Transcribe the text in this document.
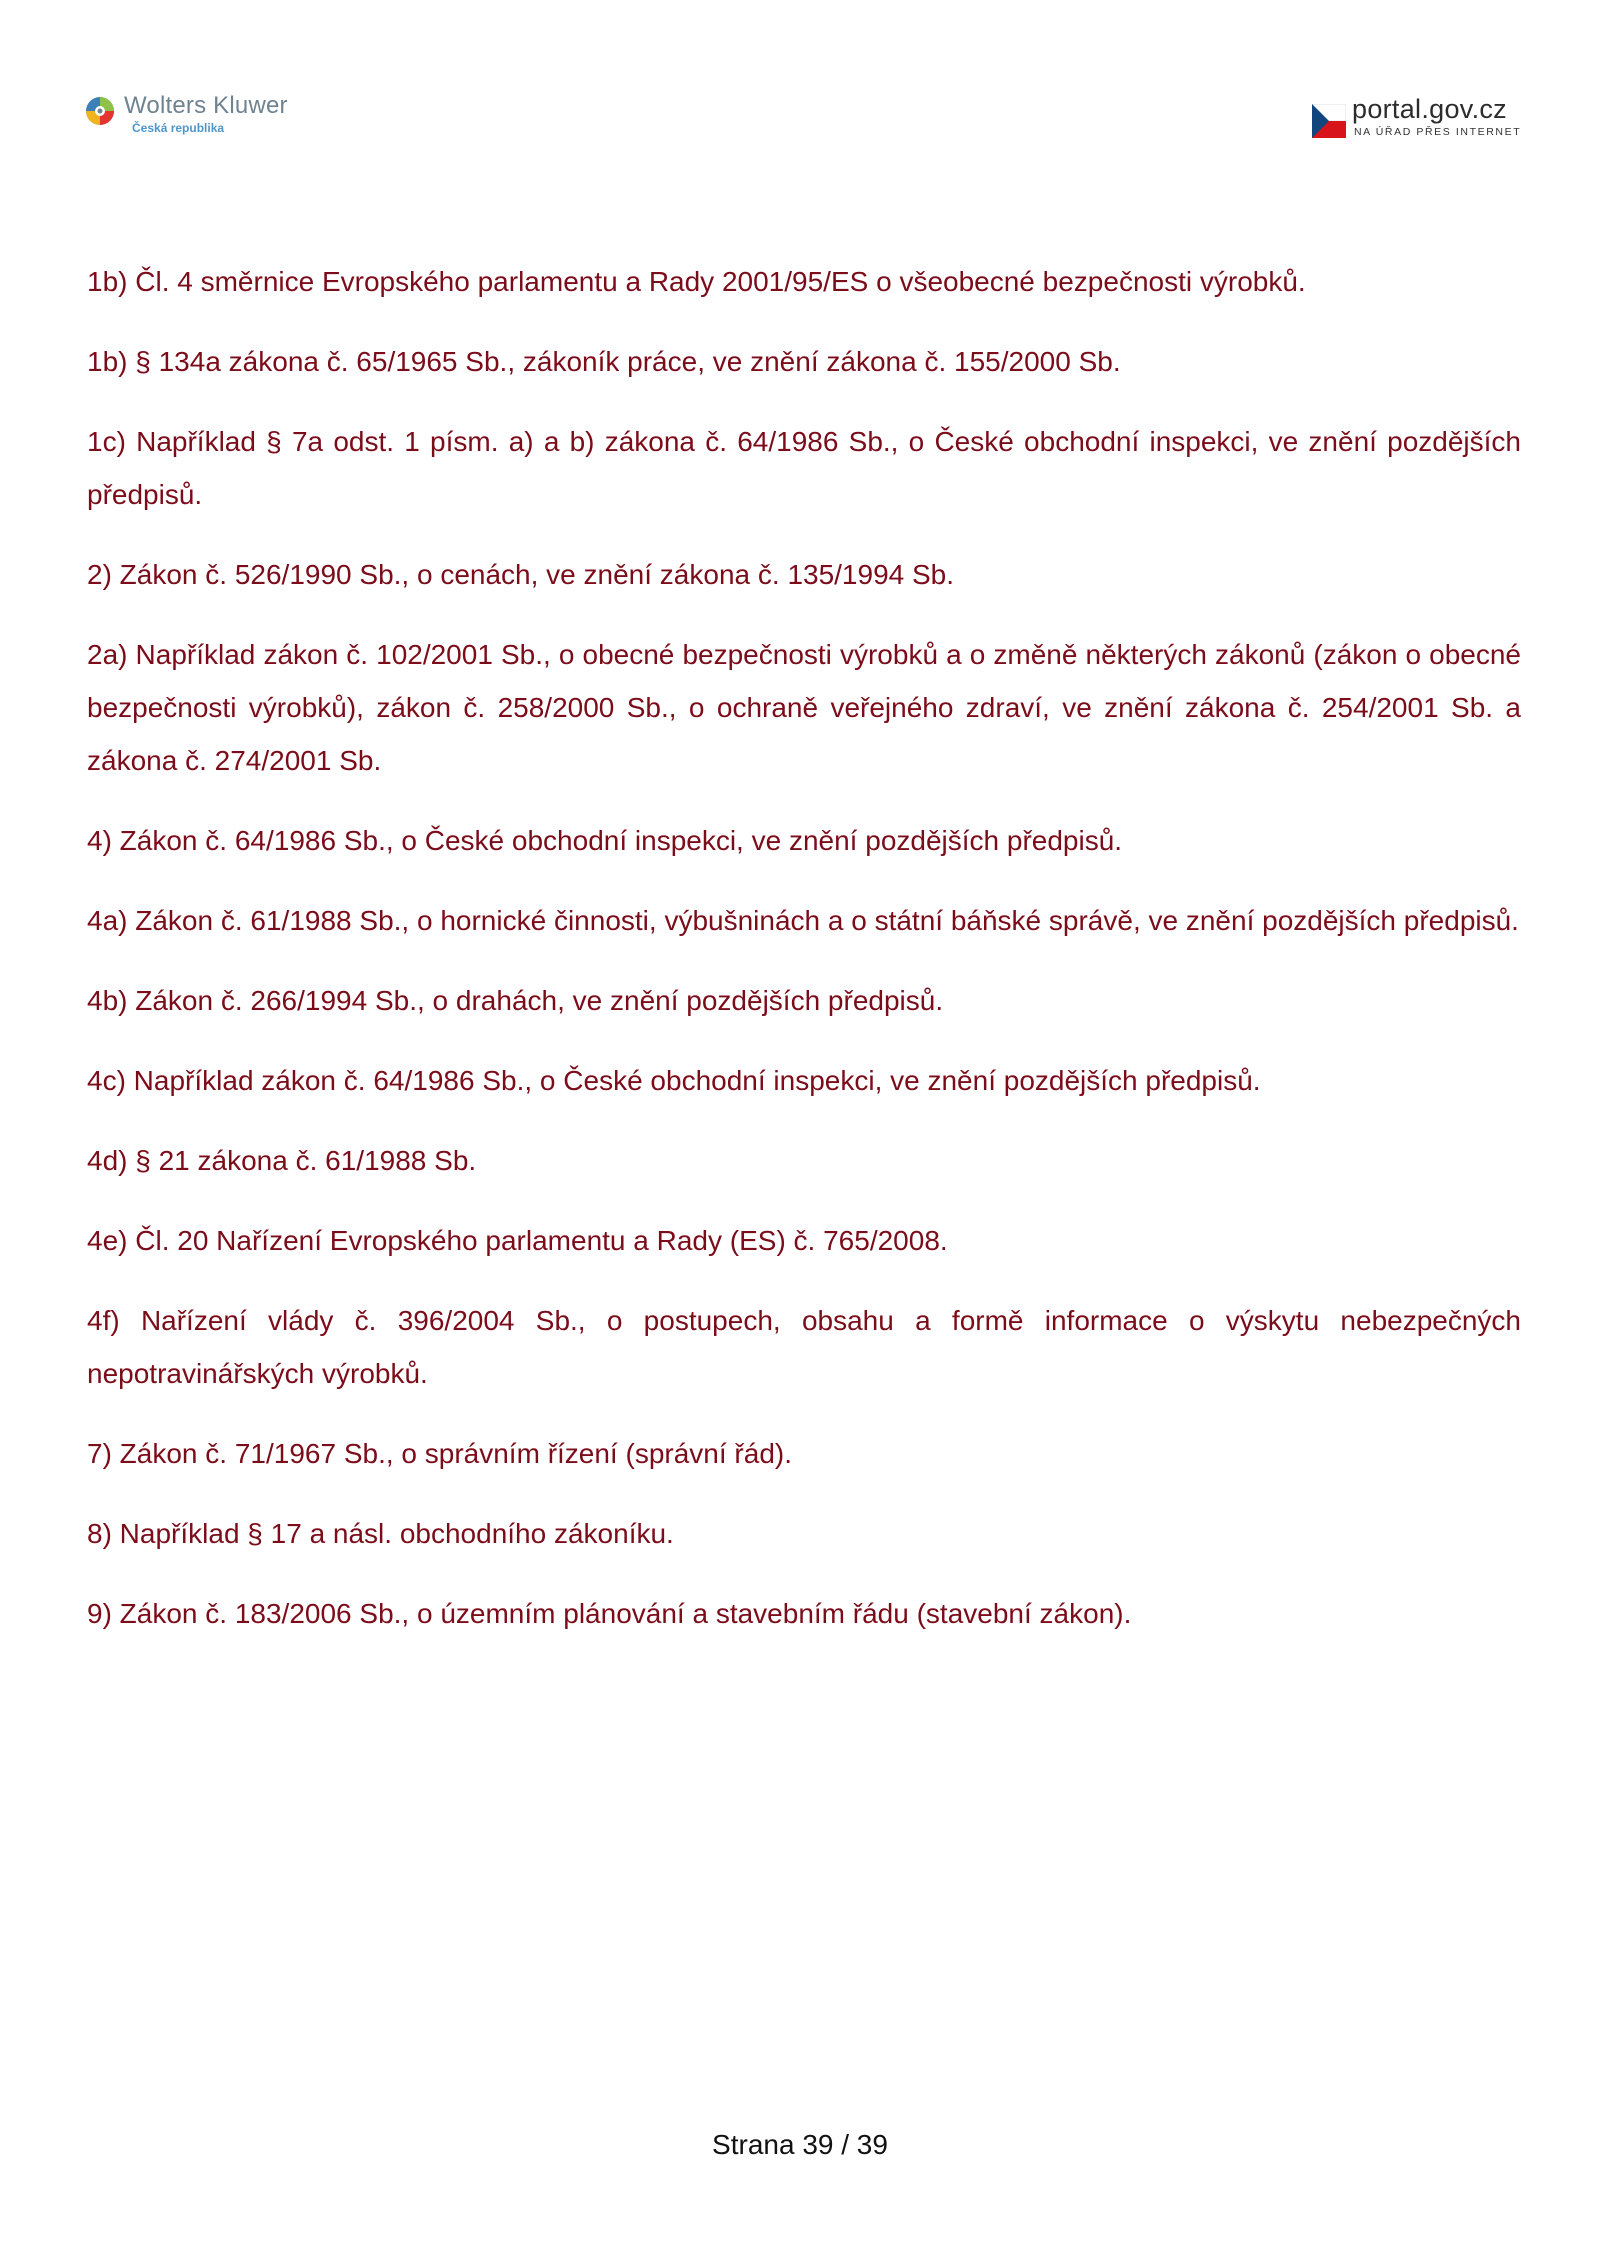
Wolters Kluwer
Česká republika
portal.gov.cz
NA ÚŘAD PŘES INTERNET

1b) Čl. 4 směrnice Evropského parlamentu a Rady 2001/95/ES o všeobecné bezpečnosti výrobků.

1b) § 134a zákona č. 65/1965 Sb., zákoník práce, ve znění zákona č. 155/2000 Sb.

1c) Například § 7a odst. 1 písm. a) a b) zákona č. 64/1986 Sb., o České obchodní inspekci, ve znění pozdějších předpisů.

2) Zákon č. 526/1990 Sb., o cenách, ve znění zákona č. 135/1994 Sb.

2a) Například zákon č. 102/2001 Sb., o obecné bezpečnosti výrobků a o změně některých zákonů (zákon o obecné bezpečnosti výrobků), zákon č. 258/2000 Sb., o ochraně veřejného zdraví, ve znění zákona č. 254/2001 Sb. a zákona č. 274/2001 Sb.

4) Zákon č. 64/1986 Sb., o České obchodní inspekci, ve znění pozdějších předpisů.

4a) Zákon č. 61/1988 Sb., o hornické činnosti, výbušninách a o státní báňské správě, ve znění pozdějších předpisů.

4b) Zákon č. 266/1994 Sb., o drahách, ve znění pozdějších předpisů.

4c) Například zákon č. 64/1986 Sb., o České obchodní inspekci, ve znění pozdějších předpisů.

4d) § 21 zákona č. 61/1988 Sb.

4e) Čl. 20 Nařízení Evropského parlamentu a Rady (ES) č. 765/2008.

4f) Nařízení vlády č. 396/2004 Sb., o postupech, obsahu a formě informace o výskytu nebezpečných nepotravinářských výrobků.

7) Zákon č. 71/1967 Sb., o správním řízení (správní řád).

8) Například § 17 a násl. obchodního zákoníku.

9) Zákon č. 183/2006 Sb., o územním plánování a stavebním řádu (stavební zákon).

Strana 39 / 39
